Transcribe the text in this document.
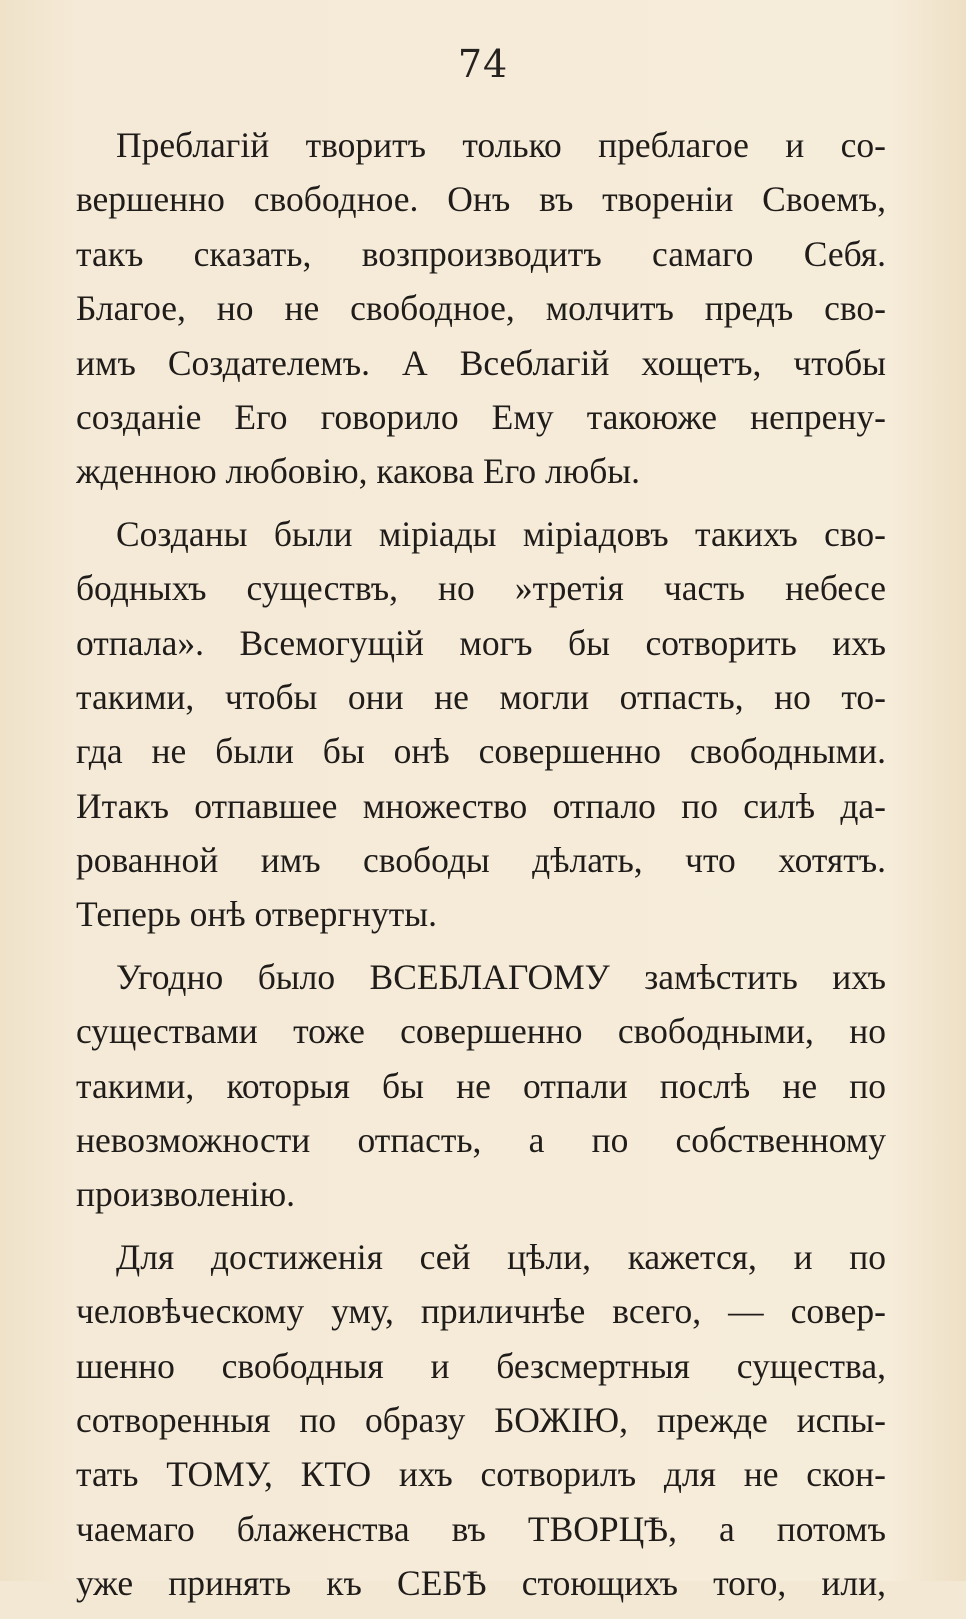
74
Преблагій творитъ только преблагое и со-
вершенно свободное. Онъ въ твореніи Своемъ,
такъ сказать, возпроизводитъ самаго Себя.
Благое, но не свободное, молчитъ предъ сво-
имъ Создателемъ. А Всеблагій хощетъ, чтобы
созданіе Его говорило Ему такоюже непрену-
жденною любовію, какова Его любы.
Созданы были міріады міріадовъ такихъ сво-
бодныхъ существъ, но »третія часть небесе
отпала». Всемогущій могъ бы сотворить ихъ
такими, чтобы они не могли отпасть, но то-
гда не были бы онѣ совершенно свободными.
Итакъ отпавшее множество отпало по силѣ да-
рованной имъ свободы дѣлать, что хотятъ.
Теперь онѣ отвергнуты.
Угодно было ВСЕБЛАГОМУ замѣстить ихъ
существами тоже совершенно свободными, но
такими, которыя бы не отпали послѣ не по
невозможности отпасть, а по собственному
произволенію.
Для достиженія сей цѣли, кажется, и по
человѣческому уму, приличнѣе всего, — совер-
шенно свободныя и безсмертныя существа,
сотворенныя по образу БОЖІЮ, прежде испы-
тать ТОМУ, КТО ихъ сотворилъ для не скон-
чаемаго блаженства въ ТВОРЦѢ, а потомъ
уже принять къ СЕБѢ стоющихъ того, или,
